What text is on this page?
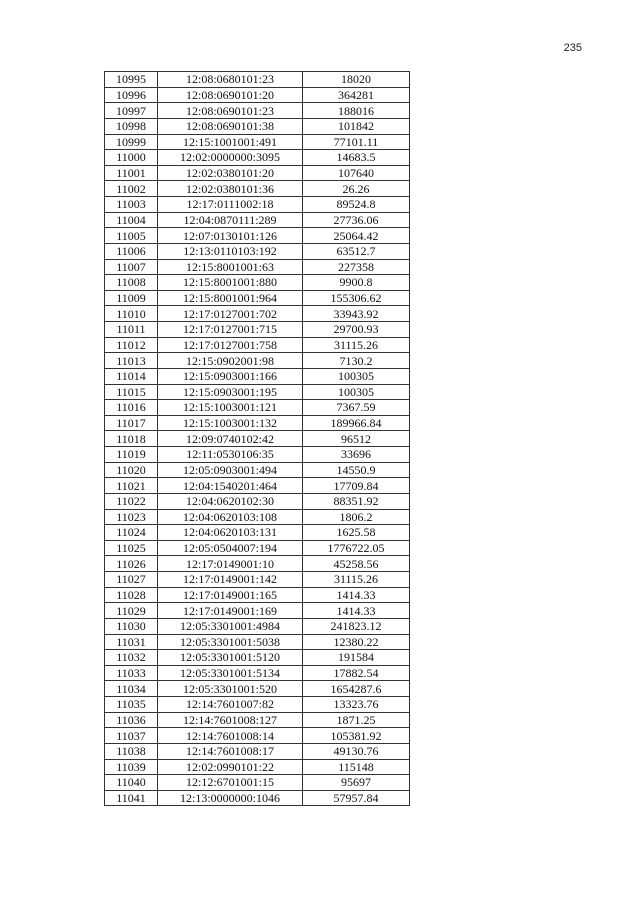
235
10995	12:08:0680101:23	18020
10996	12:08:0690101:20	364281
10997	12:08:0690101:23	188016
10998	12:08:0690101:38	101842
10999	12:15:1001001:491	77101.11
11000	12:02:0000000:3095	14683.5
11001	12:02:0380101:20	107640
11002	12:02:0380101:36	26.26
11003	12:17:0111002:18	89524.8
11004	12:04:0870111:289	27736.06
11005	12:07:0130101:126	25064.42
11006	12:13:0110103:192	63512.7
11007	12:15:8001001:63	227358
11008	12:15:8001001:880	9900.8
11009	12:15:8001001:964	155306.62
11010	12:17:0127001:702	33943.92
11011	12:17:0127001:715	29700.93
11012	12:17:0127001:758	31115.26
11013	12:15:0902001:98	7130.2
11014	12:15:0903001:166	100305
11015	12:15:0903001:195	100305
11016	12:15:1003001:121	7367.59
11017	12:15:1003001:132	189966.84
11018	12:09:0740102:42	96512
11019	12:11:0530106:35	33696
11020	12:05:0903001:494	14550.9
11021	12:04:1540201:464	17709.84
11022	12:04:0620102:30	88351.92
11023	12:04:0620103:108	1806.2
11024	12:04:0620103:131	1625.58
11025	12:05:0504007:194	1776722.05
11026	12:17:0149001:10	45258.56
11027	12:17:0149001:142	31115.26
11028	12:17:0149001:165	1414.33
11029	12:17:0149001:169	1414.33
11030	12:05:3301001:4984	241823.12
11031	12:05:3301001:5038	12380.22
11032	12:05:3301001:5120	191584
11033	12:05:3301001:5134	17882.54
11034	12:05:3301001:520	1654287.6
11035	12:14:7601007:82	13323.76
11036	12:14:7601008:127	1871.25
11037	12:14:7601008:14	105381.92
11038	12:14:7601008:17	49130.76
11039	12:02:0990101:22	115148
11040	12:12:6701001:15	95697
11041	12:13:0000000:1046	57957.84
